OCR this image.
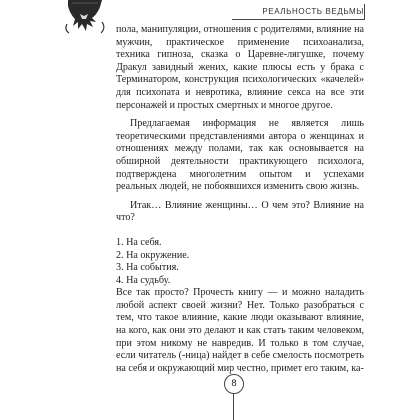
РЕАЛЬНОСТЬ ВЕДЬМЫ

пола, манипуляции, отношения с родителями, влияние на мужчин, практическое применение психоанализа, техника гипноза, сказка о Царевне-лягушке, почему Дракул завидный жених, какие плюсы есть у брака с Терминатором, конструкция психологических «качелей» для психопата и невротика, влияние секса на все эти персонажей и простых смертных и многое другое.

Предлагаемая информация не является лишь теоретическими представлениями автора о женщинах и отношениях между полами, так как основывается на обширной деятельности практикующего психолога, подтверждена многолетним опытом и успехами реальных людей, не побоявшихся изменить свою жизнь.

Итак… Влияние женщины… О чем это? Влияние на что?

1. На себя.
2. На окружение.
3. На события.
4. На судьбу.

Все так просто? Прочесть книгу — и можно наладить любой аспект своей жизни? Нет. Только разобраться с тем, что такое влияние, какие люди оказывают влияние, на кого, как они это делают и как стать таким человеком, при этом никому не навредив. И только в том случае, если читатель (-ница) найдет в себе смелость посмотреть на себя и окружающий мир честно, примет его таким, ка-

8
